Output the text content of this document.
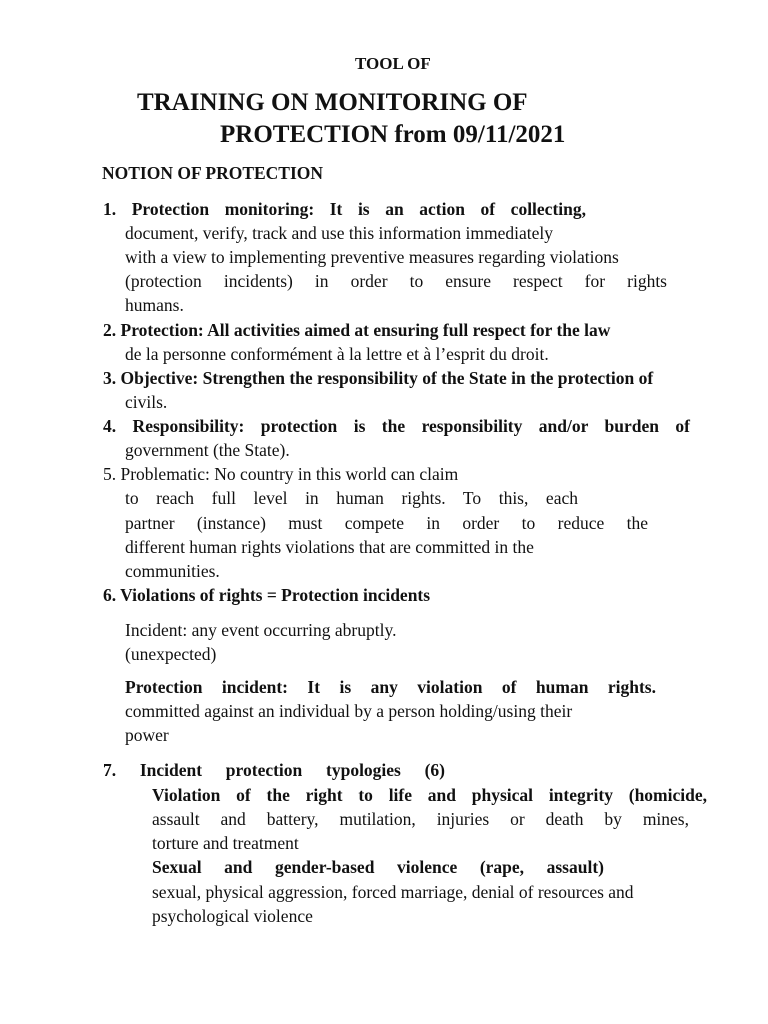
TOOL OF
TRAINING ON MONITORING OF
PROTECTION from 09/11/2021
NOTION OF PROTECTION
1. Protection monitoring: It is an action of collecting,
document, verify, track and use this information immediately
with a view to implementing preventive measures regarding violations
(protection incidents) in order to ensure respect for rights
humans.
2. Protection: All activities aimed at ensuring full respect for the law
de la personne conformément à la lettre et à l’esprit du droit.
3. Objective: Strengthen the responsibility of the State in the protection of
civils.
4. Responsibility: protection is the responsibility and/or burden of
government (the State).
5. Problematic: No country in this world can claim
to reach full level in human rights. To this, each
partner (instance) must compete in order to reduce the
different human rights violations that are committed in the
communities.
6. Violations of rights = Protection incidents
Incident: any event occurring abruptly.
(unexpected)
Protection incident: It is any violation of human rights.
committed against an individual by a person holding/using their
power
7. Incident protection typologies (6)
Violation of the right to life and physical integrity (homicide,
assault and battery, mutilation, injuries or death by mines,
torture and treatment
Sexual and gender-based violence (rape, assault)
sexual, physical aggression, forced marriage, denial of resources and
psychological violence
